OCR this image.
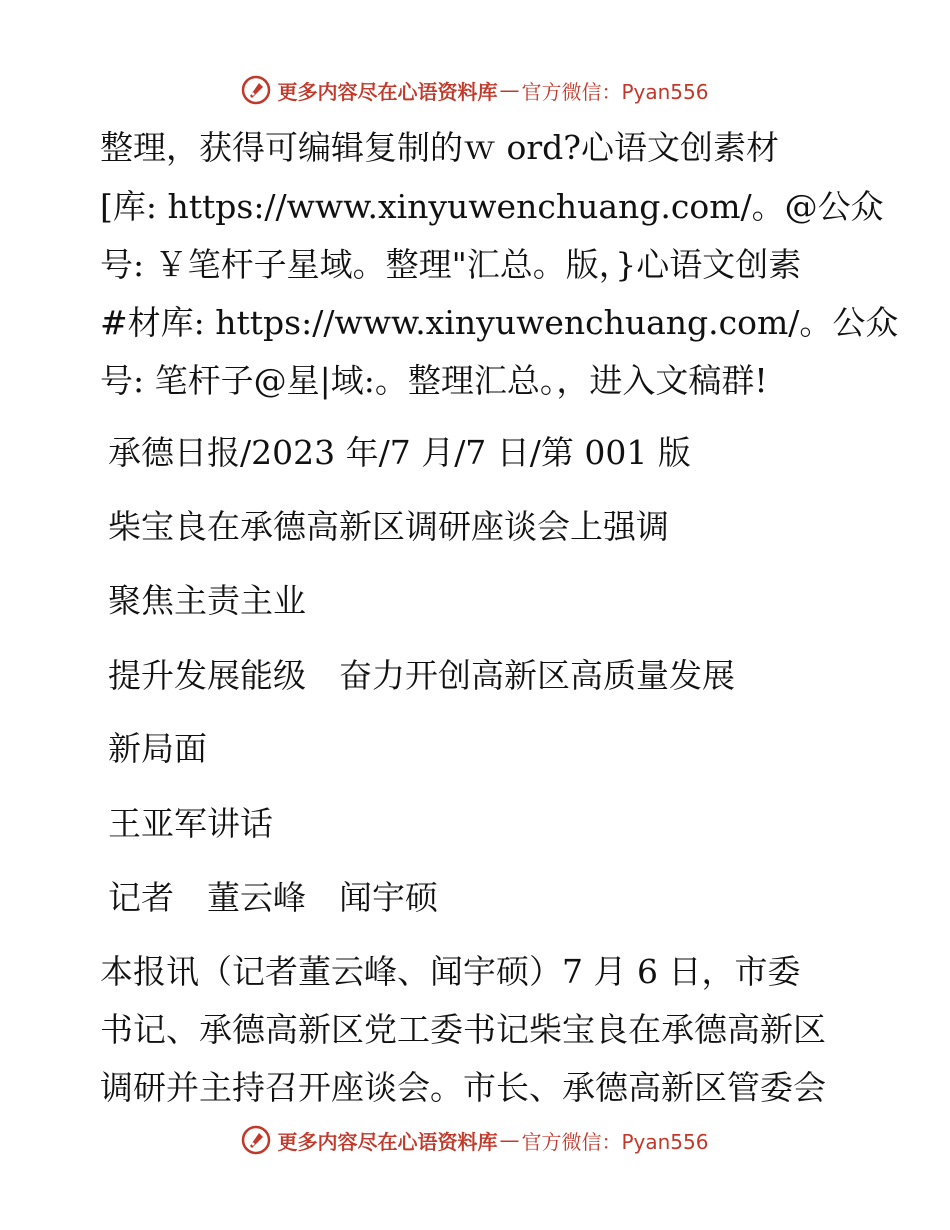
更多内容尽在心语资料库 — 官方微信：Pyan556
整理，获得可编辑复制的ｗ ord?心语文创素材
[库: https://www.xinyuwenchuang.com/。@公众
号: ￥笔杆子星域。整理"汇总。版，}心语文创素
#材库: https://www.xinyuwenchuang.com/。公众
号: 笔杆子@星|域:。整理汇总。，进入文稿群!
承德日报/2023 年/7 月/7 日/第 001 版
柴宝良在承德高新区调研座谈会上强调
聚焦主责主业
提升发展能级　奋力开创高新区高质量发展
新局面
王亚军讲话
记者　董云峰　闻宇硕
本报讯（记者董云峰、闻宇硕）7 月 6 日，市委
书记、承德高新区党工委书记柴宝良在承德高新区
调研并主持召开座谈会。市长、承德高新区管委会
更多内容尽在心语资料库 — 官方微信：Pyan556
